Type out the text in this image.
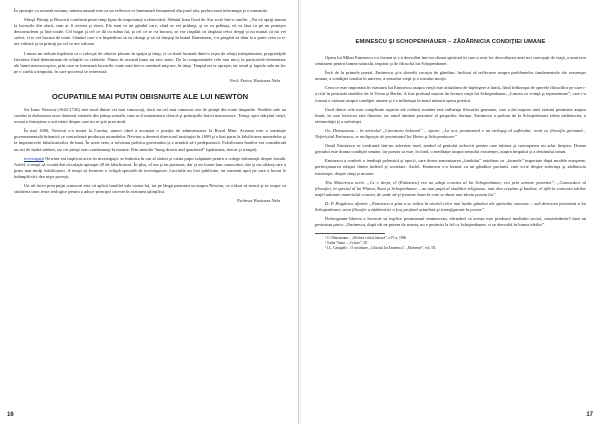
În opoziţie cu aceastǎ viziune, mintea umanǎ este ca un reflector ce luminează fenomenul din jurul său, prelucrează informaţia şi o transmite.

Sfinţii Părinţi şi Bisericii confirmă peste timp lipsa de importanţă a observării. Sfântul Ioan Gură de Aur scrie într-o omilie: „Nu vă opriţi numai la lucrurile din afară, cum ar fi averea şi slava. Ele sunt ca un gândul care, când se vei prăbuşi, şi se va prăbuşi, vă va lăsa ca pe un pomişor desconsiderat şi fără roade. Cel bogat şi cel ce dă cu mâna lui, şi cel ce se va bucura, se vor răsplăti cu răsplata celor drepţi şi nu numai că nu vei suferi, ci te vei bucura de toate. Gândul care v-a împiedicat să vă căutaţi şi să vă liniştiţi în bunul Dumnezeu, v-a pregătit să dăm la o parte ceea ce n-are valoare şi să primiţi pe cel ce are valoare.

Lumea nu trebuie înţeleasă ca o colecţie de obiecte plasate în spaţiu şi timp, ci ca fiind formată dintr-o reţea de relaţii interpătrunse, proprietăţile fiecăreia fiind determinate de relaţiile cu celelalte. Nimic în această lume nu este static. De la componentele cele mai mici, la particulele elementare ale lumii macroscopice, prin care se formează lucrurile, toate sunt într-o continuă mişcare, în timp. Timpul nu se opreşte; iar omul şi faptele sale au loc pe o curbă a timpului, în care procesul se reiterează.

Prof. Fizica, Rosioara Nela
OCUPATIILE MAI PUTIN OBISNUITE ALE LUI NEWTON

Sir Isaac Newton (1642-1726) este unul dintre cei mai cunoscuţi, dacă nu cel mai cunoscut om de ştiinţă din toate timpurile. Studiile sale au condus la elaborarea unor domenii centrale din ştiinţa actuală, cum ar fi matematica clasică şi principiile fizicii macaronice. Totuşi, spre sfârşitul vieţii, acesta a întreprins o activitate despre care nu se ştie prea mult.

În mai 1696, Newton s-a mutat la Londra, atunci când a acceptat o poziţie de administrator la Royal Mint. Aceasta este o instituţie guvernamentală britanică ce controlează producţia monedelor. Newton a devenit directorul instituţiei în 1699 şi a luat parte la falsificarea monedelor şi la imperativele falsificatorilor de bani. În acest sens, a reformat politica guvernului şi a urmărit să-i pedepsească. Falsificarea banilor era considerată un act de înaltă trădare, iar cei prinşi erau condamnaţi la moarte. Prin metoda "hung drawn and quartered" (spânzurat, înecat şi tranşat).

investigaţii Newton era implicat activ în investigaţii: se îmbrăca în om al străzii şi vizita puţin scăpătate pentru a culege informaţii despre fraudă. Astfel, a reuşit să scoată din circulaţie aproape 28 de falsificatori. În plus, el era şi un pasionat, dar şi un foarte bun cunoscător, dar şi un călăreţ care a prins mai mulţi falsificatori. A reuşit să formeze o echipă specială de investigatori. Lucrările au fost publicate, iar oamenii apoi pe care a lucrat le întâmplă să-i dea nişte poveşti.

Un alt lucru prea puţin cunoscut este că aplică familiei sale cartea lui, iar pe lângă pasiunea sa asupra Newton, ce a lăsat să treacă şi se ocupe cu studierea unor texte teologice pentru a aduce principii corecte în viziunea ştiinţifică.

Profesor Rosioara Nela
16
EMINESCU ŞI SCHOPENHAUER – ZĂDĂRNICIA CONDIŢIEI UMANE

Opera lui Mihai Eminescu s-a format și s-a dezvoltat într-un climat spiritual în care a avut loc dezvoltarea unei noi concepţii de viaţă, a unui nou sentiment pentru lumea naturală, inspirat şi de filosofia lui Schopenhauer.

Încă de la primele poezii, Eminescu şi-a dovedit vocaţia de gânditor, înclinat să reflecteze asupra problemelor fundamentale ale existenţei umane, a condiţiei omului în univers, a sensului vieţii şi a rostului morţii.

Ceea ce este important în viziunea lui Eminescu asupra vieţii este atitudinea de înţelegere a lumii, fiind influenţat de operele filosofilor pe care i-a citit în perioada studiilor de la Viena şi Berlin. A fost profund marcat de lectura cărţii lui Schopenhauer, „Lumea ca voinţă şi reprezentare”, care i-a format o viziune asupra condiţiei umane şi i-a influenţat în mare măsură opera poetică.

Unul dintre cele mai complicate aspecte ale culturii române este influenţa filosofiei germane, care a dat naştere unei viziuni pesimiste asupra lumii, în care fericirea este iluzorie, iar omul rămâne prizonier al propriilor dorinţe. Eminescu a preluat de la Schopenhauer ideea zădărniciei, a efemerităţii şi a suferinţei.

Ov. Densusianu – în articolul „Literatura bolnavă” – spune: „La noi, pesimismul e un vicleşug al sufletului, venit cu filosofia germană... Nefericitul Eminescu, se molipseşte de pesimismul lui Heine şi Schopenhauer”.

Omul Eminescu se confruntă într-un adevărat mod, simbol al geniului nefericit pentru care iubirea şi cunoaşterea nu aduc liniştea. Drama geniului este drama condiţiei umane, iar poezia sa este, în fond, o meditaţie asupra sensului existenţei, asupra timpului şi a destinului uman.

Eminescu a conferit o tendinţă polemică şi epocii, care dorea armonizarea „fondului” autohton cu „formele” importate după modele europene, perfecţionarea relaţiei dintre individ şi societate. Astfel, Eminescu s-a format ca un gânditor profund, care scrie despre suferinţa şi zădărnicia existenţei, despre timp şi moarte.

Titu Maiorescu scrie: „Ce e drept, el (Eminescu) era un adept convins al lui Schopenhauer, era prin urmare pesimist”; „Cunoscător al filosofiei, în special al lui Platon, Kant şi Schopenhauer – nu mai puţin al studiilor religioase, mai ales creştine şi budiste, el află în comoara ideilor astfel adunate materialul concret, de unde să-şi formeze baza în care se zbate mai târziu poezia lui”.

D. P. Hogdescu afirmă: „Eminescu a ştiut a se ridica la nivelul celor mai înalte gânduri ale spiritului omenesc – sub directiva pesimistă a lui Schopenhauer, acea filosofie a zădărniciei a fost profund asimilată şi transfigurată în poezie”.

Dobrogeanu-Gherea a încercat să explice pesimismul eminescian, afirmând că acesta este produsul mediului social, considerându-l însă un pesimism pasiv: „Eminescu, după cât ne putem da seama, nu e pesimist la fel ca Schopenhauer, ci se dezvoltă în lumea ideilor”.

¹ O. Densusianu – „Revista critică literară”, a IV-a, 1896

² Tudor Vianu – „Critice”, III

³ I.L. Caragiale – O cuvântare, „Ghicitul lui Eminescu”, „Momente”, vol. III.

17
